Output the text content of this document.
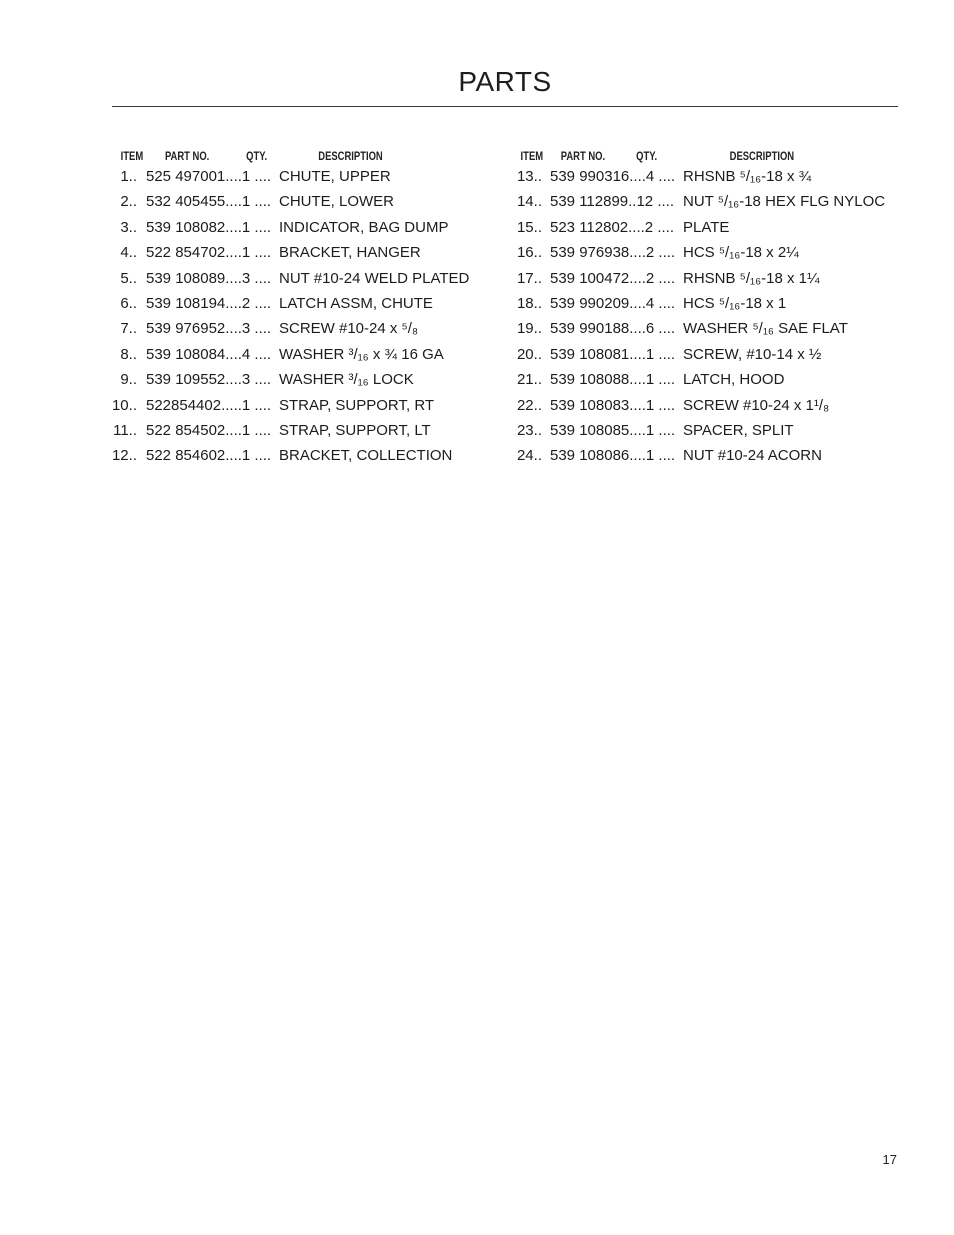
PARTS
ITEM PART NO.	QTY.	DESCRIPTION
1.. 525 497001....1 .... CHUTE, UPPER
2.. 532 405455....1 .... CHUTE, LOWER
3.. 539 108082....1 .... INDICATOR, BAG DUMP
4.. 522 854702....1 .... BRACKET, HANGER
5.. 539 108089....3 .... NUT #10-24 WELD PLATED
6.. 539 108194....2 .... LATCH ASSM, CHUTE
7.. 539 976952....3 .... SCREW #10-24 x ⁵/₈
8.. 539 108084....4 .... WASHER ³/₁₆ x ¾ 16 GA
9.. 539 109552....3 .... WASHER ³/₁₆ LOCK
10.. 522854402.....1 .... STRAP, SUPPORT, RT
11.. 522 854502....1 .... STRAP, SUPPORT, LT
12.. 522 854602....1 .... BRACKET, COLLECTION
ITEM PART NO.	QTY.	DESCRIPTION
13.. 539 990316....4 .... RHSNB ⁵/₁₆-18 x ¾
14.. 539 112899..12 .... NUT ⁵/₁₆-18 HEX FLG NYLOC
15.. 523 112802....2 .... PLATE
16.. 539 976938....2 .... HCS ⁵/₁₆-18 x 2¼
17.. 539 100472....2 .... RHSNB ⁵/₁₆-18 x 1¼
18.. 539 990209....4 .... HCS ⁵/₁₆-18 x 1
19.. 539 990188....6 .... WASHER ⁵/₁₆ SAE FLAT
20.. 539 108081....1 .... SCREW, #10-14 x ½
21.. 539 108088....1 .... LATCH, HOOD
22.. 539 108083....1 .... SCREW #10-24 x 1¹/₈
23.. 539 108085....1 .... SPACER, SPLIT
24.. 539 108086....1 .... NUT #10-24 ACORN
17
